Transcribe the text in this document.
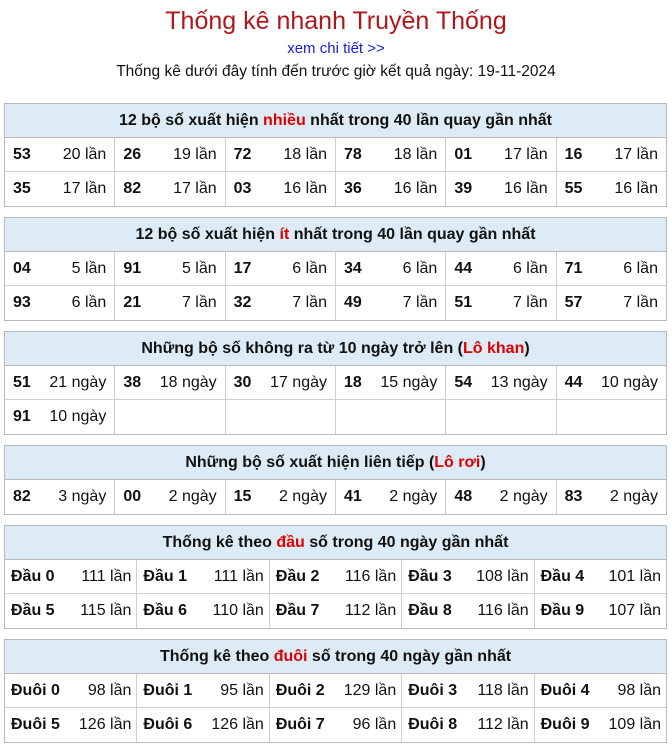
Thống kê nhanh Truyền Thống
xem chi tiết >>
Thống kê dưới đây tính đến trước giờ kết quả ngày: 19-11-2024
12 bộ số xuất hiện nhiều nhất trong 40 lần quay gần nhất
53 20 lần 26 19 lần 72 18 lần 78 18 lần 01 17 lần 16 17 lần
35 17 lần 82 17 lần 03 16 lần 36 16 lần 39 16 lần 55 16 lần
12 bộ số xuất hiện ít nhất trong 40 lần quay gần nhất
04	5 lần 91	5 lần 17	6 lần 34	6 lần 44	6 lần 71	6 lần
93	6 lần 21	7 lần 32	7 lần 49	7 lần 51	7 lần 57	7 lần
Những bộ số không ra từ 10 ngày trở lên (Lô khan)
51 21 ngày 38 18 ngày 30 17 ngày 18 15 ngày 54 13 ngày 44 10 ngày
91 10 ngày
Những bộ số xuất hiện liên tiếp (Lô rơi)
82 3 ngày 00 2 ngày 15 2 ngày 41 2 ngày 48 2 ngày 83 2 ngày
Thống kê theo đầu số trong 40 ngày gần nhất
Đầu 0 111 lần Đầu 1 111 lần Đầu 2 116 lần Đầu 3 108 lần Đầu 4 101 lần
Đầu 5 115 lần Đầu 6 110 lần Đầu 7 112 lần Đầu 8 116 lần Đầu 9 107 lần
Thống kê theo đuôi số trong 40 ngày gần nhất
Đuôi 0 98 lần Đuôi 1 95 lần Đuôi 2 129 lần Đuôi 3 118 lần Đuôi 4 98 lần
Đuôi 5 126 lần Đuôi 6 126 lần Đuôi 7 96 lần Đuôi 8 112 lần Đuôi 9 109 lần
